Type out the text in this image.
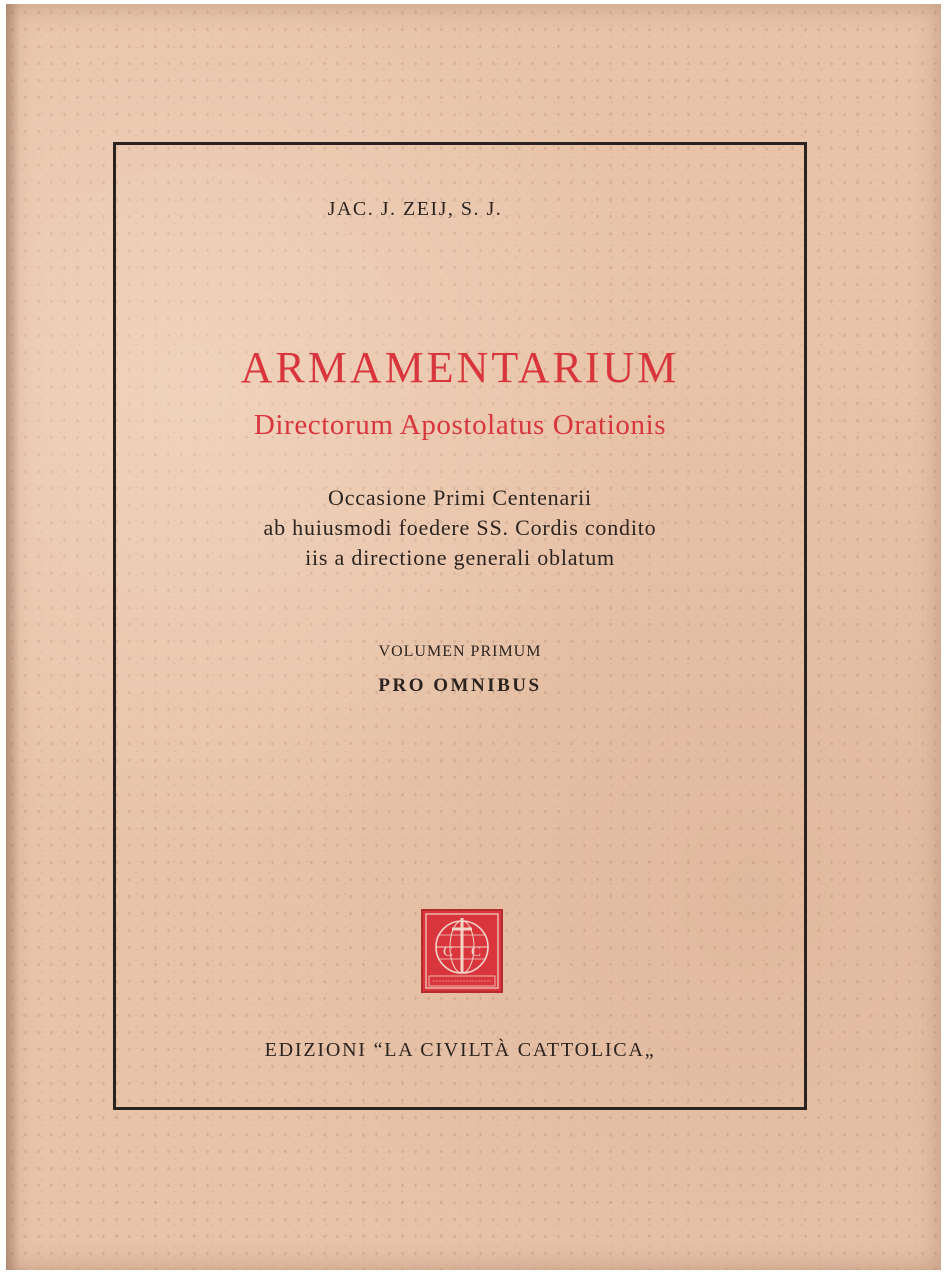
JAC. J. ZEIJ, S. J.
ARMAMENTARIUM
Directorum Apostolatus Orationis
Occasione Primi Centenarii
ab huiusmodi foedere SS. Cordis condito
iis a directione generali oblatum
VOLUMEN PRIMUM
PRO OMNIBUS
C C
EDIZIONI “LA CIVILTÀ CATTOLICA„
